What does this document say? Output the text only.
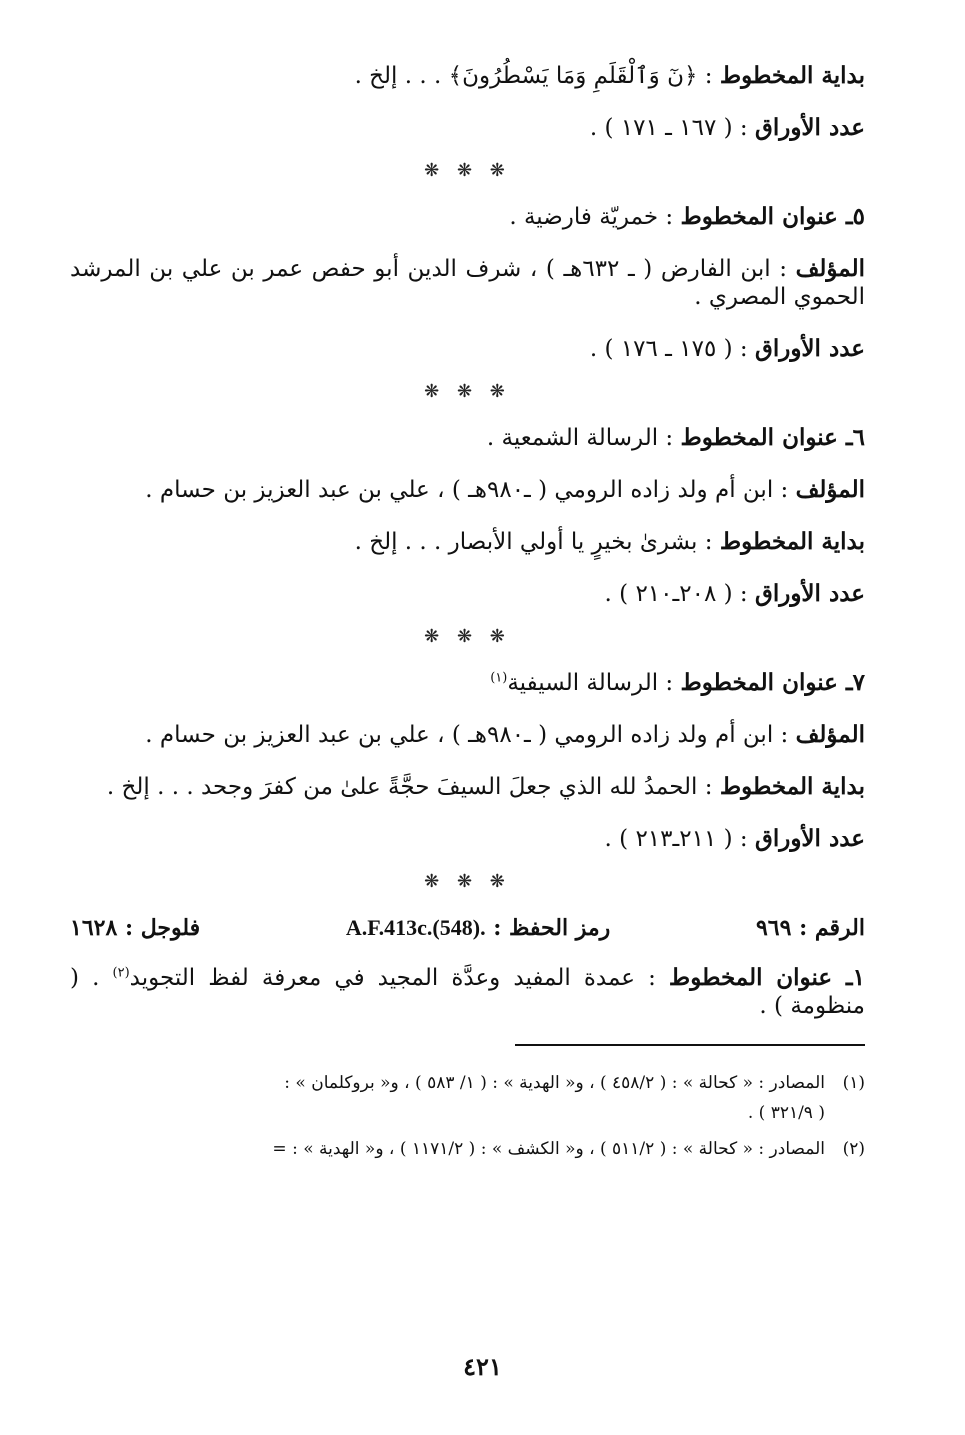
بداية المخطوط : ﴿نٓ وَٱلْقَلَمِ وَمَا يَسْطُرُونَ﴾ . . . إلخ .
عدد الأوراق : ( ١٦٧ ـ ١٧١ ) .
❋ ❋ ❋
٥ـ عنوان المخطوط : خمريّة فارضية .
المؤلف : ابن الفارض ( ـ ٦٣٢هـ ) ، شرف الدين أبو حفص عمر بن علي بن المرشد الحموي المصري .
عدد الأوراق : ( ١٧٥ ـ ١٧٦ ) .
❋ ❋ ❋
٦ـ عنوان المخطوط : الرسالة الشمعية .
المؤلف : ابن أم ولد زاده الرومي ( ـ٩٨٠هـ ) ، علي بن عبد العزيز بن حسام .
بداية المخطوط : بشرىٰ بخيرٍ يا أولي الأبصار . . . إلخ .
عدد الأوراق : ( ٢٠٨ـ٢١٠ ) .
❋ ❋ ❋
٧ـ عنوان المخطوط : الرسالة السيفية$^{(١)}$
المؤلف : ابن أم ولد زاده الرومي ( ـ٩٨٠هـ ) ، علي بن عبد العزيز بن حسام .
بداية المخطوط : الحمدُ لله الذي جعلَ السيفَ حجَّةً علىٰ من كفرَ وجحد . . . إلخ .
عدد الأوراق : ( ٢١١ـ٢١٣ ) .
❋ ❋ ❋
الرقم : ٩٦٩
رمز الحفظ : A.F.413c.(548).
فلوجل : ١٦٢٨
١ـ عنوان المخطوط : عمدة المفيد وعدَّة المجيد في معرفة لفظ التجويد$^{(٢)}$ . ( منظومة ) .
(١)المصادر : « كحالة » : ( ٤٥٨/٢ ) ، و« الهدية » : ( ١/ ٥٨٣ ) ، و« بروكلمان » :
( ٣٢١/٩ ) .
(٢)المصادر : « كحالة » : ( ٥١١/٢ ) ، و« الكشف » : ( ١١٧١/٢ ) ، و« الهدية » : =
٤٢١
